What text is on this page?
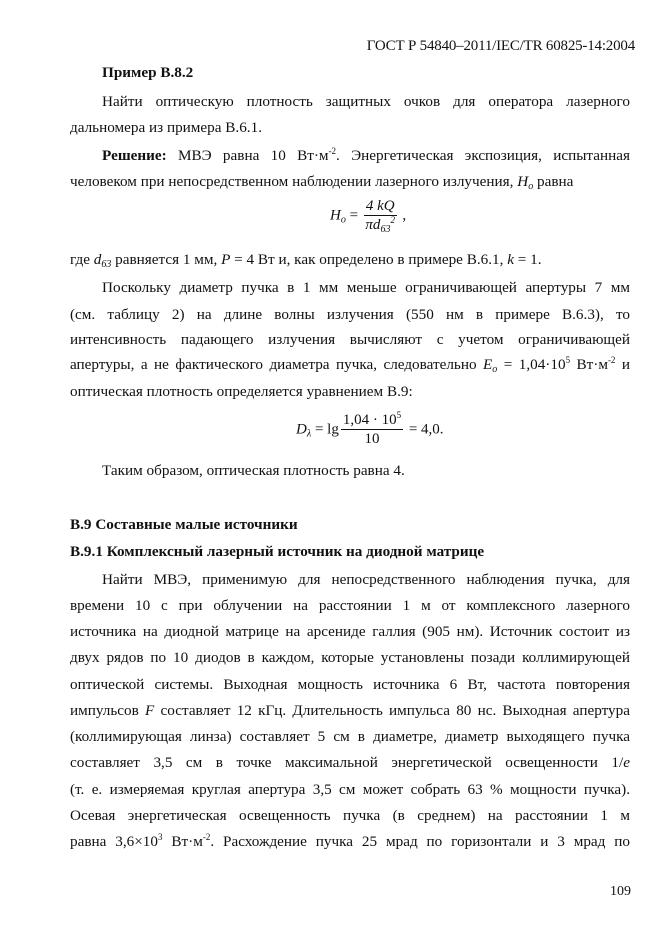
ГОСТ Р 54840–2011/IEC/TR 60825-14:2004
Пример В.8.2
Найти оптическую плотность защитных очков для оператора лазерного
дальномера из примера В.6.1.
Решение: МВЭ равна 10 $Вт\cdot м^{-2}$. Энергетическая экспозиция, испытанная
человеком при непосредственном наблюдении лазерного излучения, $H_o$ равна
$H_o = \frac{4 kQ}{\pi d_{63}^2}$ ,
где $d_{63}$ равняется 1 мм, P = 4 Вт и, как определено в примере В.6.1, k = 1.
Поскольку диаметр пучка в 1 мм меньше ограничивающей апертуры 7 мм
(см. таблицу 2) на длине волны излучения (550 нм в примере В.6.3), то
интенсивность падающего излучения вычисляют с учетом ограничивающей
апертуры, а не фактического диаметра пучка, следовательно $E_o = 1,04\cdot 10^5$ $Вт\cdot м^{-2}$ и
оптическая плотность определяется уравнением В.9:
$D_\lambda = \lg \frac{1,04 \cdot 10^5}{10} = 4,0$.
Таким образом, оптическая плотность равна 4.
В.9 Составные малые источники
В.9.1 Комплексный лазерный источник на диодной матрице
Найти МВЭ, применимую для непосредственного наблюдения пучка, для
времени 10 с при облучении на расстоянии 1 м от комплексного лазерного
источника на диодной матрице на арсениде галлия (905 нм). Источник состоит из
двух рядов по 10 диодов в каждом, которые установлены позади коллимирующей
оптической системы. Выходная мощность источника 6 Вт, частота повторения
импульсов F составляет 12 кГц. Длительность импульса 80 нс. Выходная апертура
(коллимирующая линза) составляет 5 см в диаметре, диаметр выходящего пучка
составляет 3,5 см в точке максимальной энергетической освещенности 1/e
(т. е. измеряемая круглая апертура 3,5 см может собрать 63 % мощности пучка).
Осевая энергетическая освещенность пучка (в среднем) на расстоянии 1 м
равна $3,6\times 10^3$ $Вт\cdot м^{-2}$. Расхождение пучка 25 мрад по горизонтали и 3 мрад по
109
